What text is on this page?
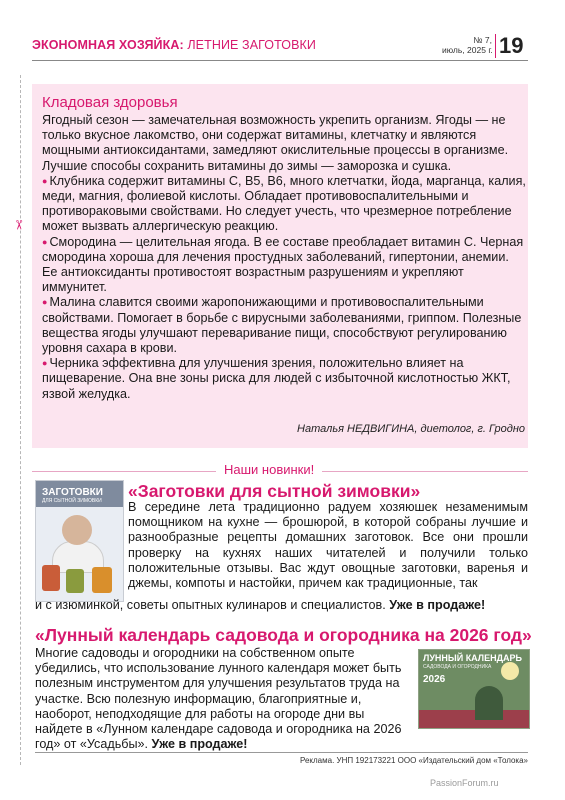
ЭКОНОМНАЯ ХОЗЯЙКА: ЛЕТНИЕ ЗАГОТОВКИ	№ 7,
июль, 2025 г. 19
✂
Кладовая здоровья

Ягодный сезон — замечательная возможность укрепить организм. Ягоды — не только вкусное лакомство, они содержат витамины, клетчатку и являются мощными антиоксидантами, замедляют окислительные процессы в организме. Лучшие способы сохранить витамины до зимы — заморозка и сушка.

● Клубника содержит витамины С, В5, В6, много клетчатки, йода, марганца, калия, меди, магния, фолиевой кислоты. Обладает противовоспалительными и противораковыми свойствами. Но следует учесть, что чрезмерное потребление может вызвать аллергическую реакцию.

● Смородина — целительная ягода. В ее составе преобладает витамин С. Черная смородина хороша для лечения простудных заболеваний, гипертонии, анемии. Ее антиоксиданты противостоят возрастным разрушениям и укрепляют иммунитет.

● Малина славится своими жаропонижающими и противовоспалительными свойствами. Помогает в борьбе с вирусными заболеваниями, гриппом. Полезные вещества ягоды улучшают переваривание пищи, способствуют регулированию уровня сахара в крови.

● Черника эффективна для улучшения зрения, положительно влияет на пищеварение. Она вне зоны риска для людей с избыточной кислотностью ЖКТ, язвой желудка.

Наталья НЕДВИГИНА, диетолог, г. Гродно
Наши новинки!
ЗАГОТОВКИ
ДЛЯ СЫТНОЙ ЗИМОВКИ «Заготовки для сытной зимовки»
В середине лета традиционно радуем хозяюшек незаменимым помощником на кухне — брошюрой, в которой собраны лучшие и разнообразные рецепты домашних заготовок. Все они прошли проверку на кухнях наших читателей и получили только положительные отзывы. Вас ждут овощные заготовки, варенья и джемы, компоты и настойки, причем как традиционные, так
и с изюминкой, советы опытных кулинаров и специалистов. Уже в продаже!
«Лунный календарь садовода и огородника на 2026 год»
Многие садоводы и огородники на собственном опыте убедились, что использование лунного календаря может быть полезным инструментом для улучшения результатов труда на участке. Всю полезную информацию, благоприятные и, наоборот, неподходящие для работы на огороде дни вы найдете в «Лунном календаре садовода и огородника на 2026 год» от «Усадьбы». Уже в продаже!
ЛУННЫЙ КАЛЕНДАРЬ
САДОВОДА И ОГОРОДНИКА
2026
Реклама. УНП 192173221 ООО «Издательский дом «Толока»
PassionForum.ru
